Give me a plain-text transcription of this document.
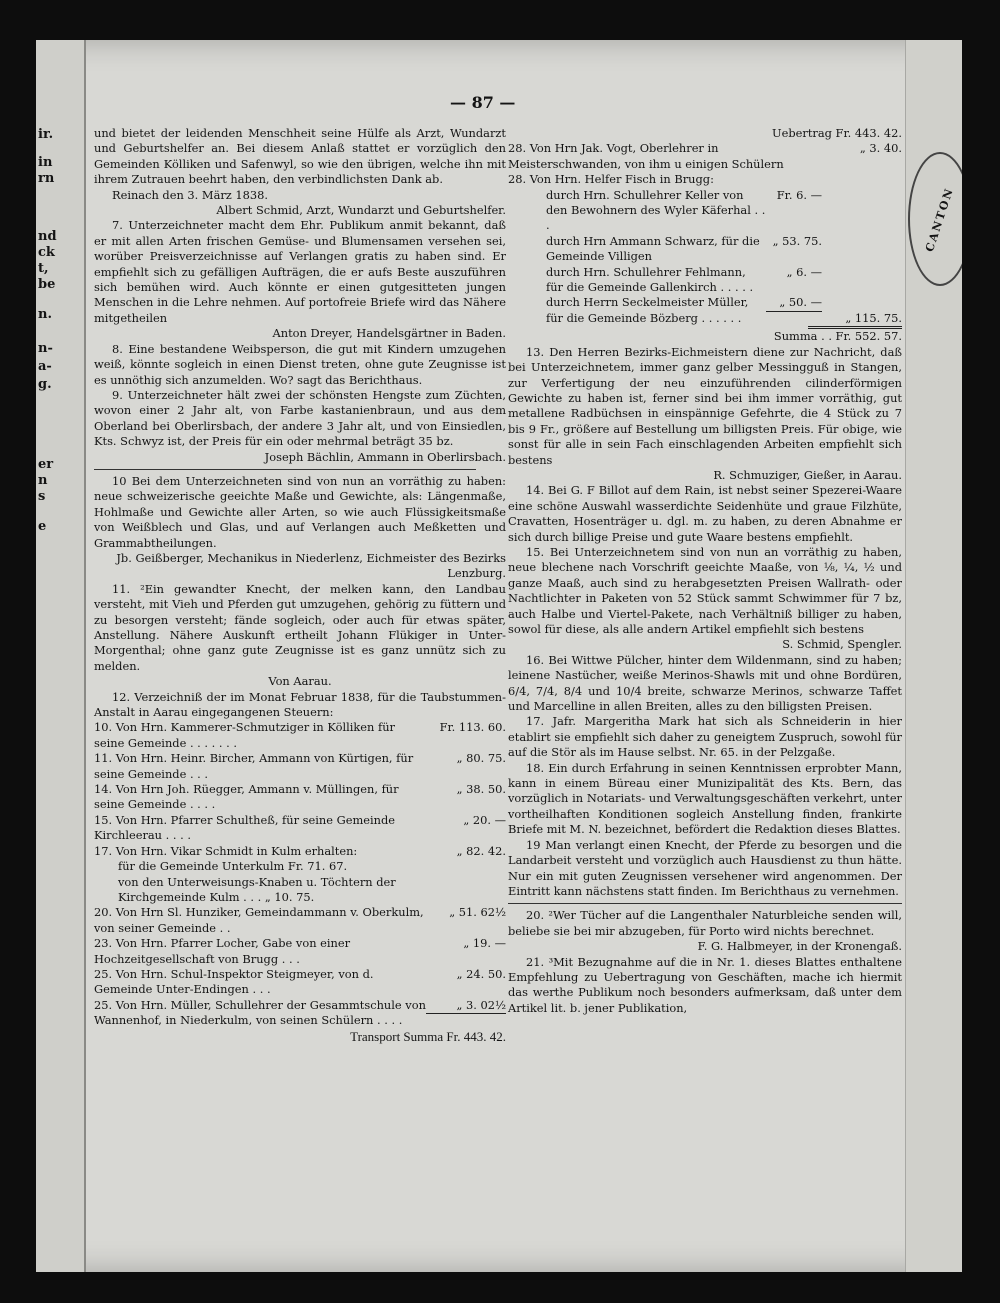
ir.
in
rn
nd
ck
t,
be
n.
n-
a-
g.
er
n
s
e
CANTON
— 87 —

und bietet der leidenden Menschheit seine Hülfe als Arzt, Wundarzt und Geburtshelfer an. Bei diesem Anlaß stattet er vorzüglich den Gemeinden Kölliken und Safenwyl, so wie den übrigen, welche ihn mit ihrem Zutrauen beehrt haben, den verbindlichsten Dank ab.

Reinach den 3. März 1838.

Albert Schmid, Arzt, Wundarzt und Geburtshelfer.

7. Unterzeichneter macht dem Ehr. Publikum anmit bekannt, daß er mit allen Arten frischen Gemüse- und Blumensamen versehen sei, worüber Preisverzeichnisse auf Verlangen gratis zu haben sind. Er empfiehlt sich zu gefälligen Aufträgen, die er aufs Beste auszuführen sich bemühen wird. Auch könnte er einen gutgesitteten jungen Menschen in die Lehre nehmen. Auf portofreie Briefe wird das Nähere mitgetheilen

Anton Dreyer, Handelsgärtner in Baden.

8. Eine bestandene Weibsperson, die gut mit Kindern umzugehen weiß, könnte sogleich in einen Dienst treten, ohne gute Zeugnisse ist es unnöthig sich anzumelden. Wo? sagt das Berichthaus.

9. Unterzeichneter hält zwei der schönsten Hengste zum Züchten, wovon einer 2 Jahr alt, von Farbe kastanienbraun, und aus dem Oberland bei Oberlirsbach, der andere 3 Jahr alt, und von Einsiedlen, Kts. Schwyz ist, der Preis für ein oder mehrmal beträgt 35 bz.

Joseph Bächlin, Ammann in Oberlirsbach.

10 Bei dem Unterzeichneten sind von nun an vorräthig zu haben: neue schweizerische geeichte Maße und Gewichte, als: Längenmaße, Hohlmaße und Gewichte aller Arten, so wie auch Flüssigkeitsmaße von Weißblech und Glas, und auf Verlangen auch Meßketten und Grammabtheilungen.

Jb. Geißberger, Mechanikus in Niederlenz, Eichmeister des Bezirks Lenzburg.

11. ²Ein gewandter Knecht, der melken kann, den Landbau versteht, mit Vieh und Pferden gut umzugehen, gehörig zu füttern und zu besorgen versteht; fände sogleich, oder auch für etwas später, Anstellung. Nähere Auskunft ertheilt Johann Flükiger in Unter-Morgenthal; ohne ganz gute Zeugnisse ist es ganz unnütz sich zu melden.

Von Aarau.

12. Verzeichniß der im Monat Februar 1838, für die Taubstummen-Anstalt in Aarau eingegangenen Steuern:

10. Von Hrn. Kammerer-Schmutziger in Kölliken für seine Gemeinde . . . . . . .
Fr. 113. 60.
11. Von Hrn. Heinr. Bircher, Ammann von Kürtigen, für seine Gemeinde . . .
„ 80. 75.
14. Von Hrn Joh. Rüegger, Ammann v. Müllingen, für seine Gemeinde . . . .
„ 38. 50.
15. Von Hrn. Pfarrer Schultheß, für seine Gemeinde Kirchleerau . . . .
„ 20. —
17. Von Hrn. Vikar Schmidt in Kulm erhalten:
für die Gemeinde Unterkulm Fr. 71. 67.
von den Unterweisungs-Knaben u. Töchtern der Kirchgemeinde Kulm . . . „ 10. 75.
„ 82. 42.
20. Von Hrn Sl. Hunziker, Gemeindammann v. Oberkulm, von seiner Gemeinde . .
„ 51. 62½
23. Von Hrn. Pfarrer Locher, Gabe von einer Hochzeitgesellschaft von Brugg . . .
„ 19. —
25. Von Hrn. Schul-Inspektor Steigmeyer, von d. Gemeinde Unter-Endingen . . .
„ 24. 50.
25. Von Hrn. Müller, Schullehrer der Gesammtschule von Wannenhof, in Niederkulm, von seinen Schülern . . . .
„ 3. 02½

Transport Summa Fr. 443. 42.

Uebertrag Fr. 443. 42.

28. Von Hrn Jak. Vogt, Oberlehrer in Meisterschwanden, von ihm u einigen Schülern
„ 3. 40.

28. Von Hrn. Helfer Fisch in Brugg:

durch Hrn. Schullehrer Keller von den Bewohnern des Wyler Käferhal . . .
Fr. 6. —
durch Hrn Ammann Schwarz, für die Gemeinde Villigen
„ 53. 75.
durch Hrn. Schullehrer Fehlmann, für die Gemeinde Gallenkirch . . . . .
„ 6. —
durch Herrn Seckelmeister Müller, für die Gemeinde Bözberg . . . . . .
„ 50. —
„ 115. 75.

Summa . . Fr. 552. 57.

13. Den Herren Bezirks-Eichmeistern diene zur Nachricht, daß bei Unterzeichnetem, immer ganz gelber Messingguß in Stangen, zur Verfertigung der neu einzuführenden cilinderförmigen Gewichte zu haben ist, ferner sind bei ihm immer vorräthig, gut metallene Radbüchsen in einspännige Gefehrte, die 4 Stück zu 7 bis 9 Fr., größere auf Bestellung um billigsten Preis. Für obige, wie sonst für alle in sein Fach einschlagenden Arbeiten empfiehlt sich bestens

R. Schmuziger, Gießer, in Aarau.

14. Bei G. F Billot auf dem Rain, ist nebst seiner Spezerei-Waare eine schöne Auswahl wasserdichte Seidenhüte und graue Filzhüte, Cravatten, Hosenträger u. dgl. m. zu haben, zu deren Abnahme er sich durch billige Preise und gute Waare bestens empfiehlt.

15. Bei Unterzeichnetem sind von nun an vorräthig zu haben, neue blechene nach Vorschrift geeichte Maaße, von ⅛, ¼, ½ und ganze Maaß, auch sind zu herabgesetzten Preisen Wallrath- oder Nachtlichter in Paketen von 52 Stück sammt Schwimmer für 7 bz, auch Halbe und Viertel-Pakete, nach Verhältniß billiger zu haben, sowol für diese, als alle andern Artikel empfiehlt sich bestens

S. Schmid, Spengler.

16. Bei Wittwe Pülcher, hinter dem Wildenmann, sind zu haben; leinene Nastücher, weiße Merinos-Shawls mit und ohne Bordüren, 6/4, 7/4, 8/4 und 10/4 breite, schwarze Merinos, schwarze Taffet und Marcelline in allen Breiten, alles zu den billigsten Preisen.

17. Jafr. Margeritha Mark hat sich als Schneiderin in hier etablirt sie empfiehlt sich daher zu geneigtem Zuspruch, sowohl für auf die Stör als im Hause selbst. Nr. 65. in der Pelzgaße.

18. Ein durch Erfahrung in seinen Kenntnissen erprobter Mann, kann in einem Büreau einer Munizipalität des Kts. Bern, das vorzüglich in Notariats- und Verwaltungsgeschäften verkehrt, unter vortheilhaften Konditionen sogleich Anstellung finden, frankirte Briefe mit M. N. bezeichnet, befördert die Redaktion dieses Blattes.

19 Man verlangt einen Knecht, der Pferde zu besorgen und die Landarbeit versteht und vorzüglich auch Hausdienst zu thun hätte. Nur ein mit guten Zeugnissen versehener wird angenommen. Der Eintritt kann nächstens statt finden. Im Berichthaus zu vernehmen.

20. ²Wer Tücher auf die Langenthaler Naturbleiche senden will, beliebe sie bei mir abzugeben, für Porto wird nichts berechnet.

F. G. Halbmeyer, in der Kronengaß.

21. ³Mit Bezugnahme auf die in Nr. 1. dieses Blattes enthaltene Empfehlung zu Uebertragung von Geschäften, mache ich hiermit das werthe Publikum noch besonders aufmerksam, daß unter dem Artikel lit. b. jener Publikation,
